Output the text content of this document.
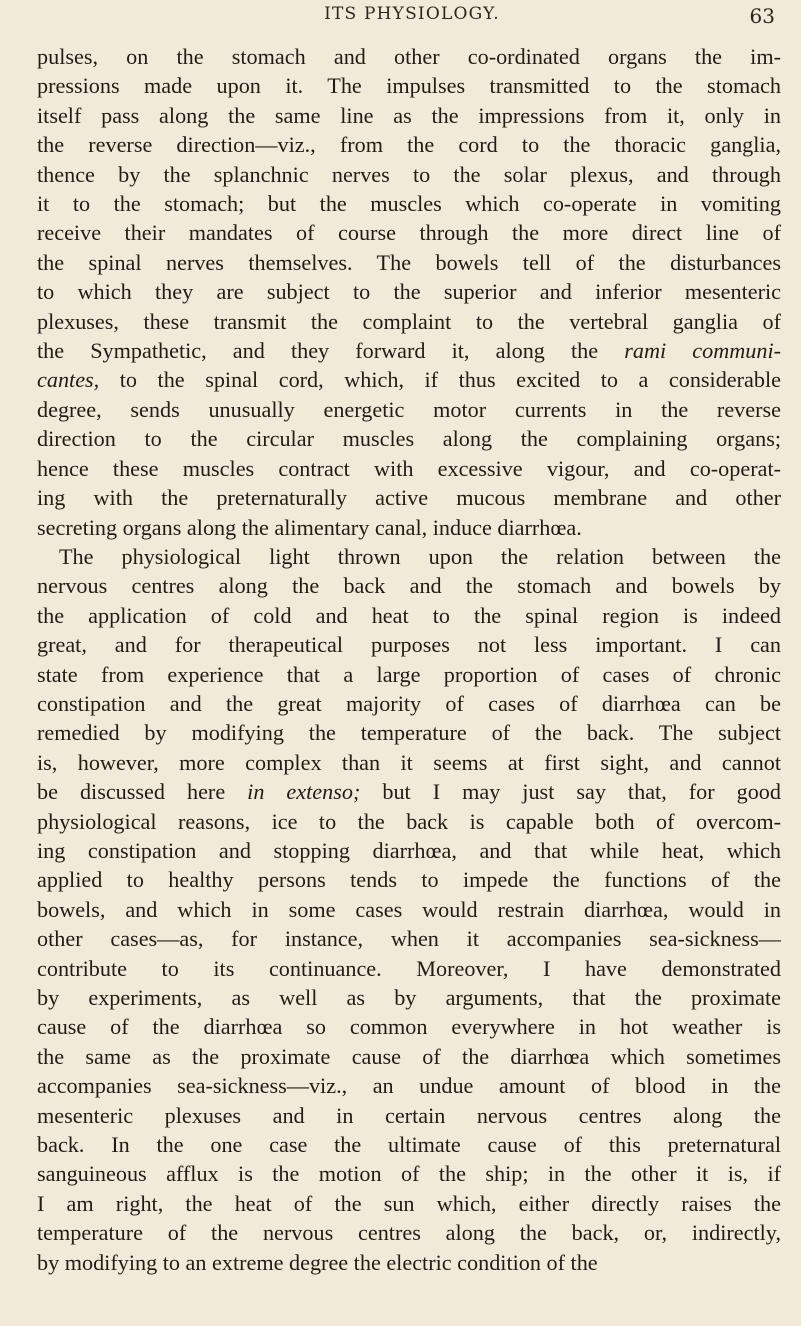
ITS PHYSIOLOGY.	63
pulses, on the stomach and other co-ordinated organs the im-
pressions made upon it. The impulses transmitted to the stomach
itself pass along the same line as the impressions from it, only in
the reverse direction—viz., from the cord to the thoracic ganglia,
thence by the splanchnic nerves to the solar plexus, and through
it to the stomach; but the muscles which co-operate in vomiting
receive their mandates of course through the more direct line of
the spinal nerves themselves. The bowels tell of the disturbances
to which they are subject to the superior and inferior mesenteric
plexuses, these transmit the complaint to the vertebral ganglia of
the Sympathetic, and they forward it, along the rami communi-
cantes, to the spinal cord, which, if thus excited to a considerable
degree, sends unusually energetic motor currents in the reverse
direction to the circular muscles along the complaining organs;
hence these muscles contract with excessive vigour, and co-operat-
ing with the preternaturally active mucous membrane and other
secreting organs along the alimentary canal, induce diarrhœa.
The physiological light thrown upon the relation between the
nervous centres along the back and the stomach and bowels by
the application of cold and heat to the spinal region is indeed
great, and for therapeutical purposes not less important. I can
state from experience that a large proportion of cases of chronic
constipation and the great majority of cases of diarrhœa can be
remedied by modifying the temperature of the back. The subject
is, however, more complex than it seems at first sight, and cannot
be discussed here in extenso; but I may just say that, for good
physiological reasons, ice to the back is capable both of overcom-
ing constipation and stopping diarrhœa, and that while heat, which
applied to healthy persons tends to impede the functions of the
bowels, and which in some cases would restrain diarrhœa, would in
other cases—as, for instance, when it accompanies sea-sickness—
contribute to its continuance. Moreover, I have demonstrated
by experiments, as well as by arguments, that the proximate
cause of the diarrhœa so common everywhere in hot weather is
the same as the proximate cause of the diarrhœa which sometimes
accompanies sea-sickness—viz., an undue amount of blood in the
mesenteric plexuses and in certain nervous centres along the
back. In the one case the ultimate cause of this preternatural
sanguineous afflux is the motion of the ship; in the other it is, if
I am right, the heat of the sun which, either directly raises the
temperature of the nervous centres along the back, or, indirectly,
by modifying to an extreme degree the electric condition of the
